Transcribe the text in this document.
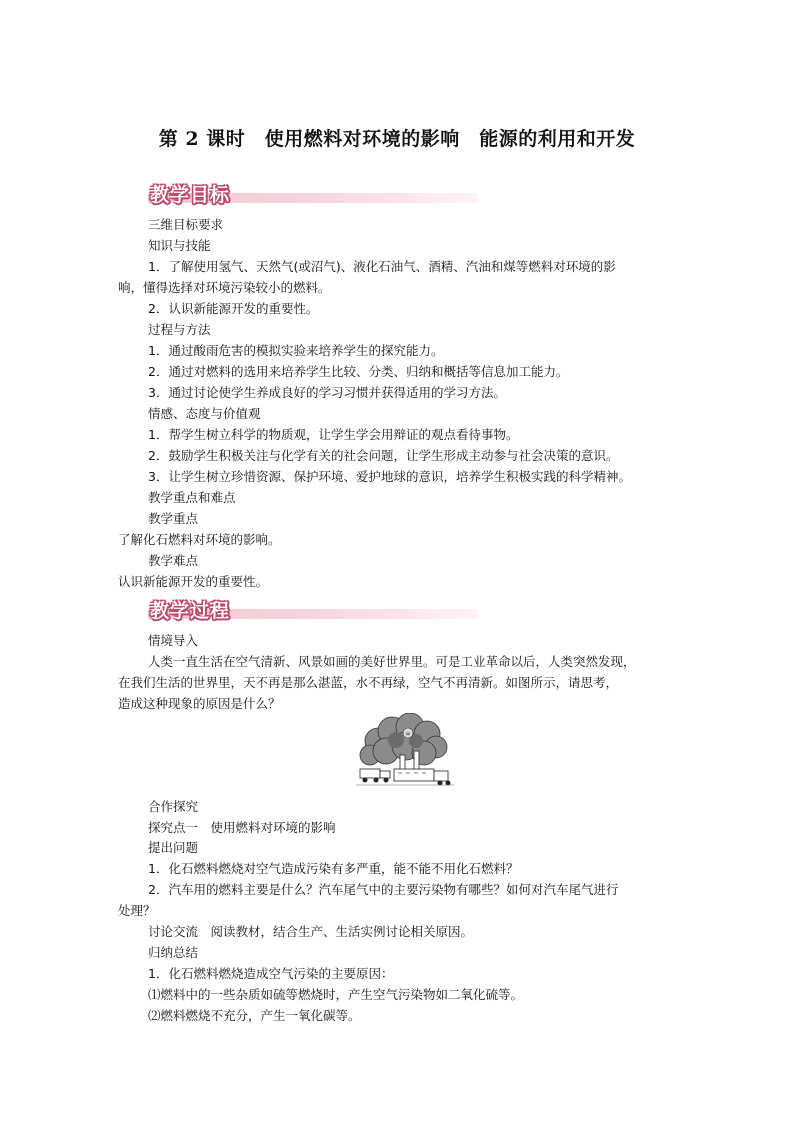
第 2 课时　使用燃料对环境的影响　能源的利用和开发
教学目标
三维目标要求
知识与技能
1．了解使用氢气、天然气(或沼气)、液化石油气、酒精、汽油和煤等燃料对环境的影
响，懂得选择对环境污染较小的燃料。
2．认识新能源开发的重要性。
过程与方法
1．通过酸雨危害的模拟实验来培养学生的探究能力。
2．通过对燃料的选用来培养学生比较、分类、归纳和概括等信息加工能力。
3．通过讨论使学生养成良好的学习习惯并获得适用的学习方法。
情感、态度与价值观
1．帮学生树立科学的物质观，让学生学会用辩证的观点看待事物。
2．鼓励学生积极关注与化学有关的社会问题，让学生形成主动参与社会决策的意识。
3．让学生树立珍惜资源、保护环境、爱护地球的意识，培养学生积极实践的科学精神。
教学重点和难点
教学重点
了解化石燃料对环境的影响。
教学难点
认识新能源开发的重要性。
教学过程
情境导入
人类一直生活在空气清新、风景如画的美好世界里。可是工业革命以后，人类突然发现，
在我们生活的世界里，天不再是那么湛蓝，水不再绿，空气不再清新。如图所示，请思考，
造成这种现象的原因是什么？
☠
合作探究
探究点一　使用燃料对环境的影响
提出问题
1．化石燃料燃烧对空气造成污染有多严重，能不能不用化石燃料？
2．汽车用的燃料主要是什么？汽车尾气中的主要污染物有哪些？如何对汽车尾气进行
处理？
讨论交流　阅读教材，结合生产、生活实例讨论相关原因。
归纳总结
1．化石燃料燃烧造成空气污染的主要原因：
⑴燃料中的一些杂质如硫等燃烧时，产生空气污染物如二氧化硫等。
⑵燃料燃烧不充分，产生一氧化碳等。
